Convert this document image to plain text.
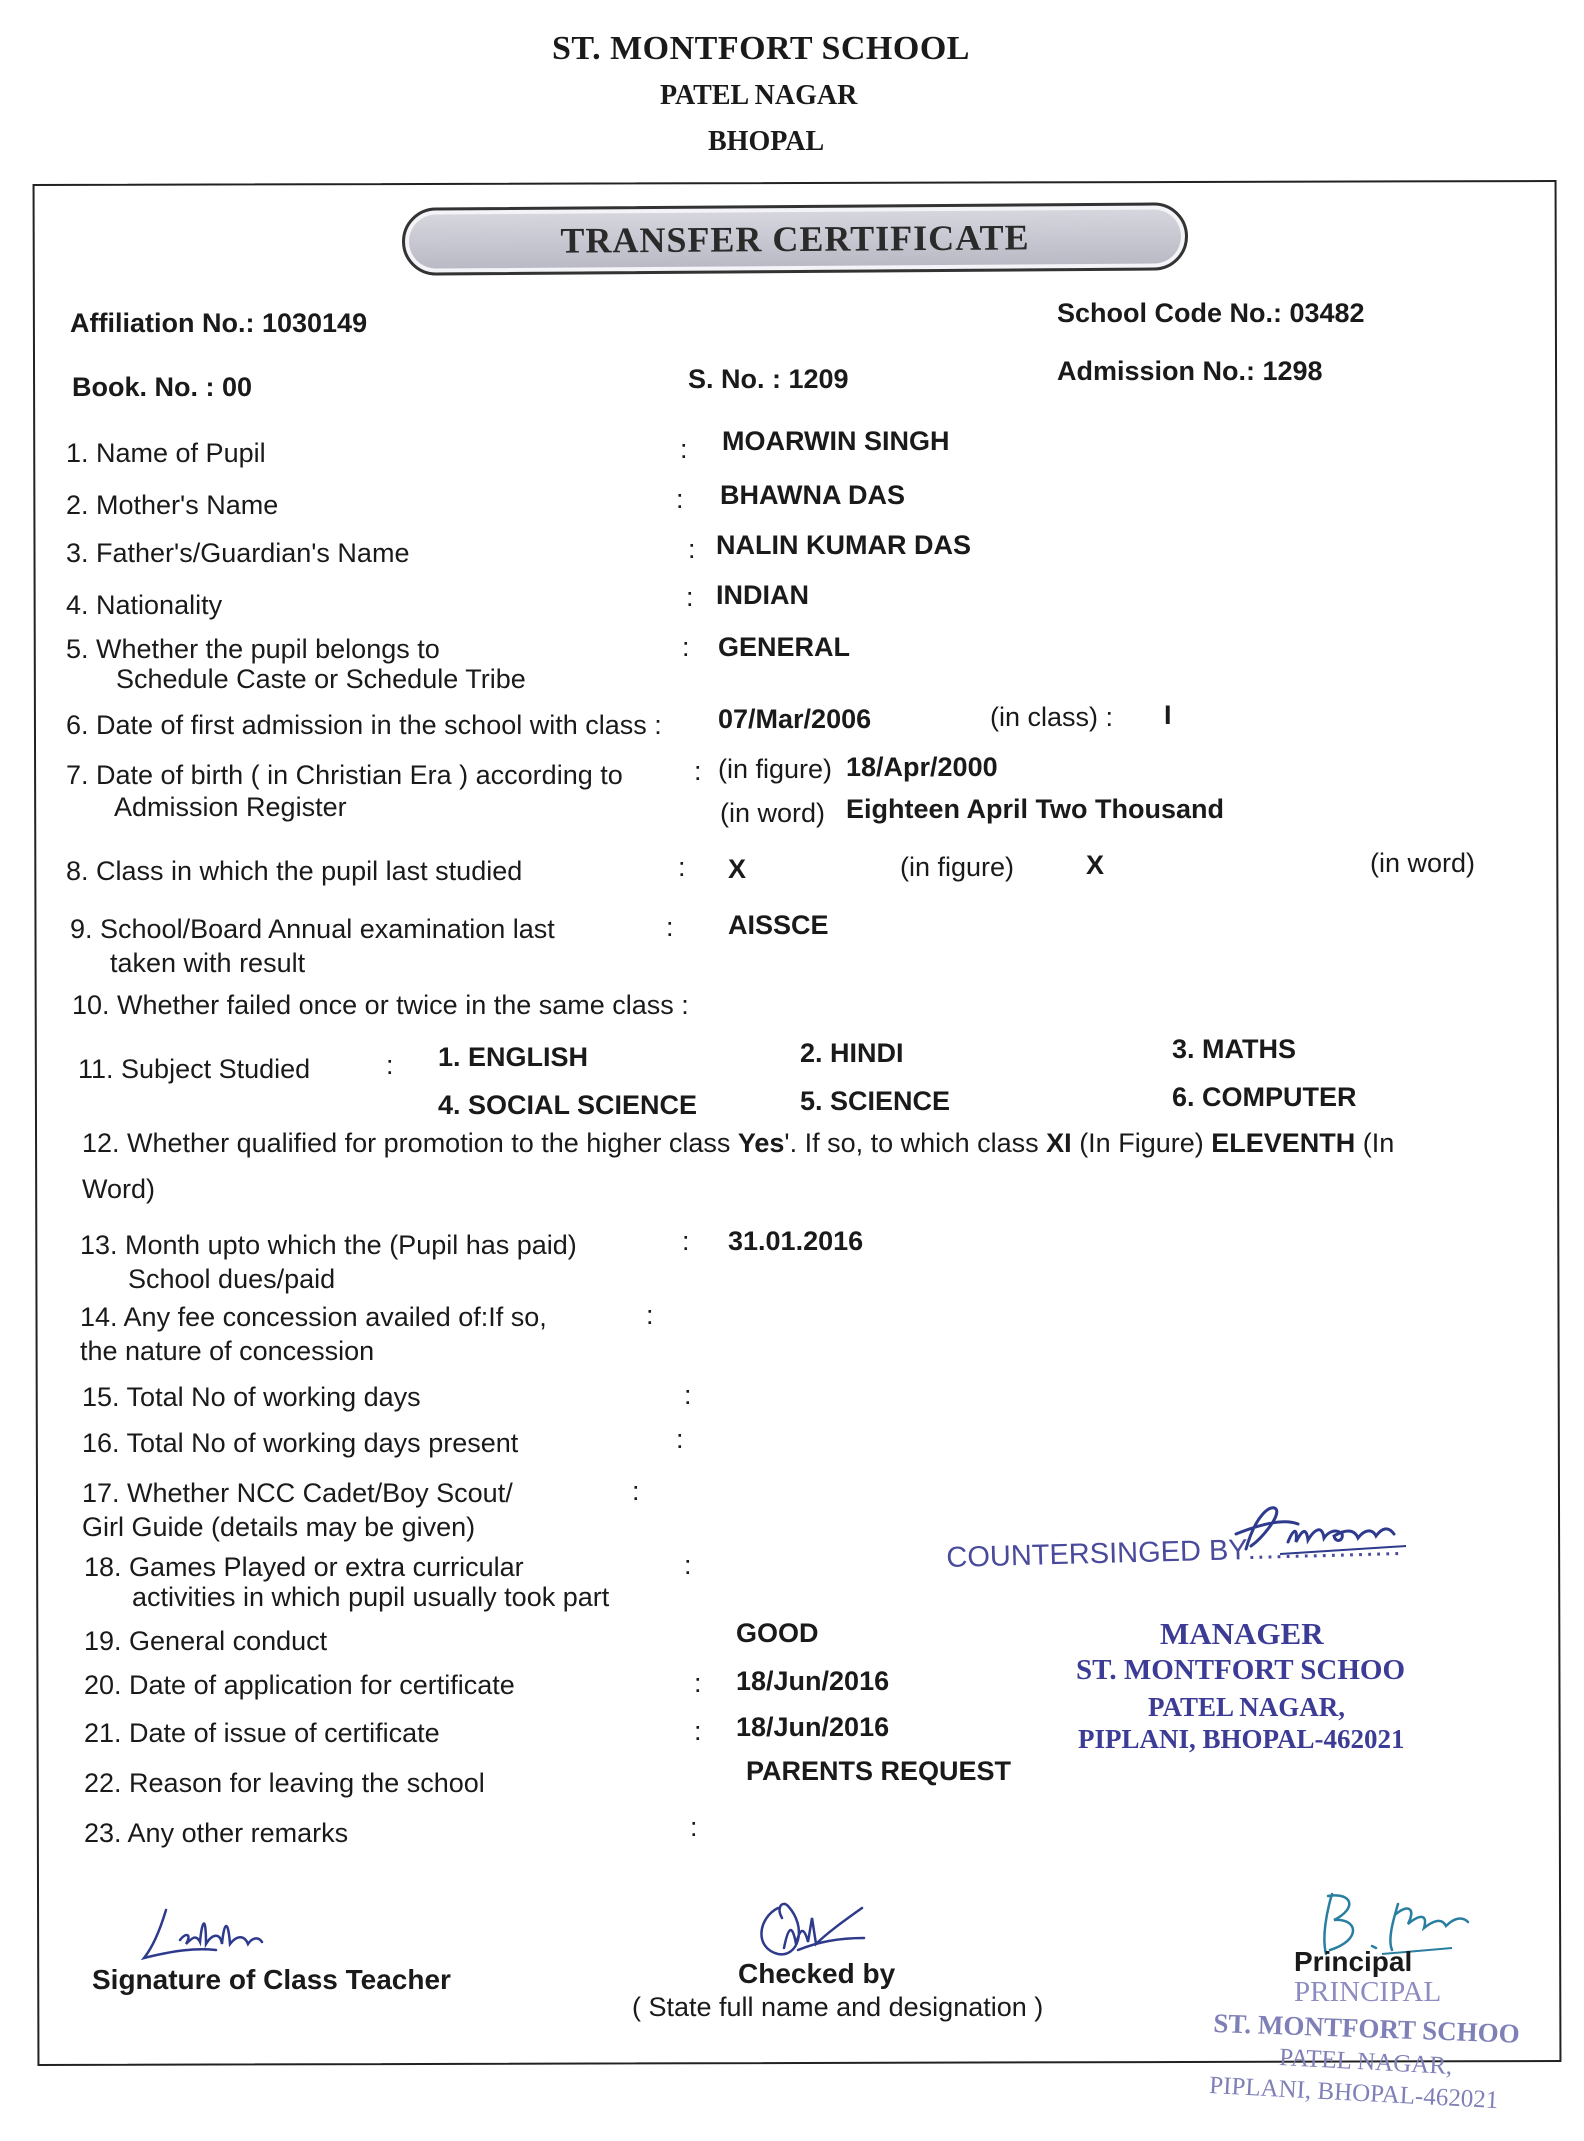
ST. MONTFORT SCHOOL
PATEL NAGAR
BHOPAL
TRANSFER CERTIFICATE
Affiliation No.: 1030149	School Code No.: 03482
Book. No. : 00	S. No. : 1209	Admission No.: 1298
1. Name of Pupil	: MOARWIN SINGH
2. Mother's Name	: BHAWNA DAS
3. Father's/Guardian's Name	: NALIN KUMAR DAS
4. Nationality	: INDIAN
5. Whether the pupil belongs to
Schedule Caste or Schedule Tribe
: GENERAL
6. Date of first admission in the school with class : 07/Mar/2006	(in class) : I
7. Date of birth ( in Christian Era ) according to
Admission Register
: (in figure) 18/Apr/2000
(in word) Eighteen April Two Thousand
8. Class in which the pupil last studied	: X	(in figure)	X	(in word)
9. School/Board Annual examination last
taken with result
: AISSCE
10. Whether failed once or twice in the same class :
11. Subject Studied	: 1. ENGLISH	2. HINDI	3. MATHS
4. SOCIAL SCIENCE	5. SCIENCE	6. COMPUTER
12. Whether qualified for promotion to the higher class Yes'. If so, to which class XI (In Figure) ELEVENTH (In
Word)
13. Month upto which the (Pupil has paid)
School dues/paid
: 31.01.2016
14. Any fee concession availed of:If so,
the nature of concession
:
15. Total No of working days	:
16. Total No of working days present	:
17. Whether NCC Cadet/Boy Scout/
Girl Guide (details may be given)
:
18. Games Played or extra curricular
activities in which pupil usually took part
:
19. General conduct	GOOD
20. Date of application for certificate	: 18/Jun/2016
21. Date of issue of certificate	: 18/Jun/2016
22. Reason for leaving the school	PARENTS REQUEST
23. Any other remarks	:
COUNTERSINGED BY.................
MANAGER
ST. MONTFORT SCHOO
PATEL NAGAR,
PIPLANI, BHOPAL-462021
Signature of Class Teacher	Checked by
( State full name and designation )
Principal
PRINCIPAL
ST. MONTFORT SCHOO
PATEL NAGAR,
PIPLANI, BHOPAL-462021
